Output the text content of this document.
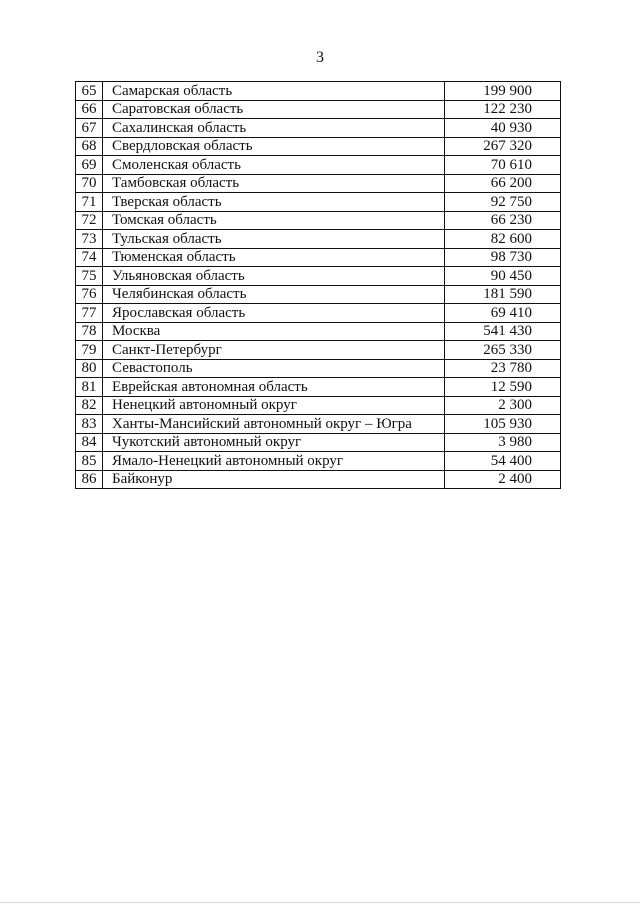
3
65	Самарская область	199 900
66	Саратовская область	122 230
67	Сахалинская область	40 930
68	Свердловская область	267 320
69	Смоленская область	70 610
70	Тамбовская область	66 200
71	Тверская область	92 750
72	Томская область	66 230
73	Тульская область	82 600
74	Тюменская область	98 730
75	Ульяновская область	90 450
76	Челябинская область	181 590
77	Ярославская область	69 410
78	Москва	541 430
79	Санкт-Петербург	265 330
80	Севастополь	23 780
81	Еврейская автономная область	12 590
82	Ненецкий автономный округ	2 300
83	Ханты-Мансийский автономный округ – Югра	105 930
84	Чукотский автономный округ	3 980
85	Ямало-Ненецкий автономный округ	54 400
86	Байконур	2 400
